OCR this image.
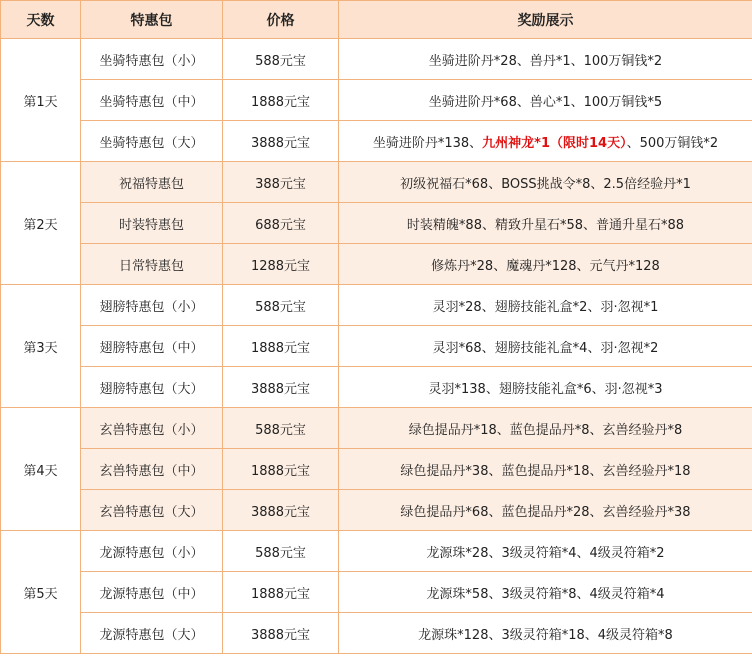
天数	特惠包	价格	奖励展示
第1天	坐骑特惠包（小）	588元宝	坐骑进阶丹*28、兽丹*1、100万铜钱*2
	坐骑特惠包（中）	1888元宝	坐骑进阶丹*68、兽心*1、100万铜钱*5
	坐骑特惠包（大）	3888元宝	坐骑进阶丹*138、九州神龙*1（限时14天）、500万铜钱*2
第2天	祝福特惠包	388元宝	初级祝福石*68、BOSS挑战令*8、2.5倍经验丹*1
	时装特惠包	688元宝	时装精魄*88、精致升星石*58、普通升星石*88
	日常特惠包	1288元宝	修炼丹*28、魔魂丹*128、元气丹*128
第3天	翅膀特惠包（小）	588元宝	灵羽*28、翅膀技能礼盒*2、羽·忽视*1
	翅膀特惠包（中）	1888元宝	灵羽*68、翅膀技能礼盒*4、羽·忽视*2
	翅膀特惠包（大）	3888元宝	灵羽*138、翅膀技能礼盒*6、羽·忽视*3
第4天	玄兽特惠包（小）	588元宝	绿色提品丹*18、蓝色提品丹*8、玄兽经验丹*8
	玄兽特惠包（中）	1888元宝	绿色提品丹*38、蓝色提品丹*18、玄兽经验丹*18
	玄兽特惠包（大）	3888元宝	绿色提品丹*68、蓝色提品丹*28、玄兽经验丹*38
第5天	龙源特惠包（小）	588元宝	龙源珠*28、3级灵符箱*4、4级灵符箱*2
	龙源特惠包（中）	1888元宝	龙源珠*58、3级灵符箱*8、4级灵符箱*4
	龙源特惠包（大）	3888元宝	龙源珠*128、3级灵符箱*18、4级灵符箱*8
